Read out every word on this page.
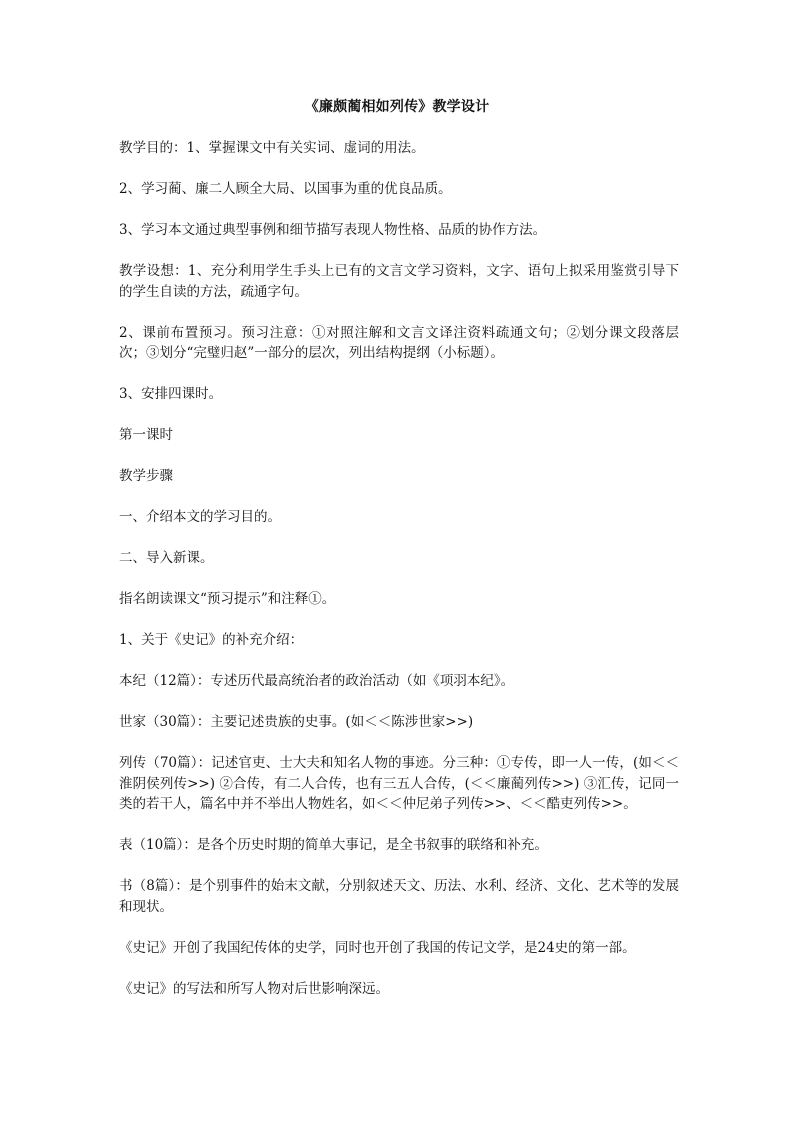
《廉颇蔺相如列传》教学设计

教学目的：1、掌握课文中有关实词、虚词的用法。

2、学习蔺、廉二人顾全大局、以国事为重的优良品质。

3、学习本文通过典型事例和细节描写表现人物性格、品质的协作方法。

教学设想：1、充分利用学生手头上已有的文言文学习资料，文字、语句上拟采用鉴赏引导下的学生自读的方法，疏通字句。

2、课前布置预习。预习注意：①对照注解和文言文译注资料疏通文句；②划分课文段落层次；③划分“完璧归赵”一部分的层次，列出结构提纲（小标题）。

3、安排四课时。

第一课时

教学步骤

一、介绍本文的学习目的。

二、导入新课。

指名朗读课文“预习提示”和注释①。

1、关于《史记》的补充介绍：

本纪（12篇）：专述历代最高统治者的政治活动（如《项羽本纪》。

世家（30篇）：主要记述贵族的史事。(如＜＜陈涉世家>>)

列传（70篇）：记述官吏、士大夫和知名人物的事迹。分三种：①专传，即一人一传，(如＜＜淮阴侯列传>>) ②合传，有二人合传，也有三五人合传，(＜＜廉蔺列传>>) ③汇传，记同一类的若干人，篇名中并不举出人物姓名，如＜＜仲尼弟子列传>>、＜＜酷吏列传>>。

表（10篇）：是各个历史时期的简单大事记，是全书叙事的联络和补充。

书（8篇）：是个别事件的始末文献，分别叙述天文、历法、水利、经济、文化、艺术等的发展和现状。

《史记》开创了我国纪传体的史学，同时也开创了我国的传记文学，是24史的第一部。

《史记》的写法和所写人物对后世影响深远。
